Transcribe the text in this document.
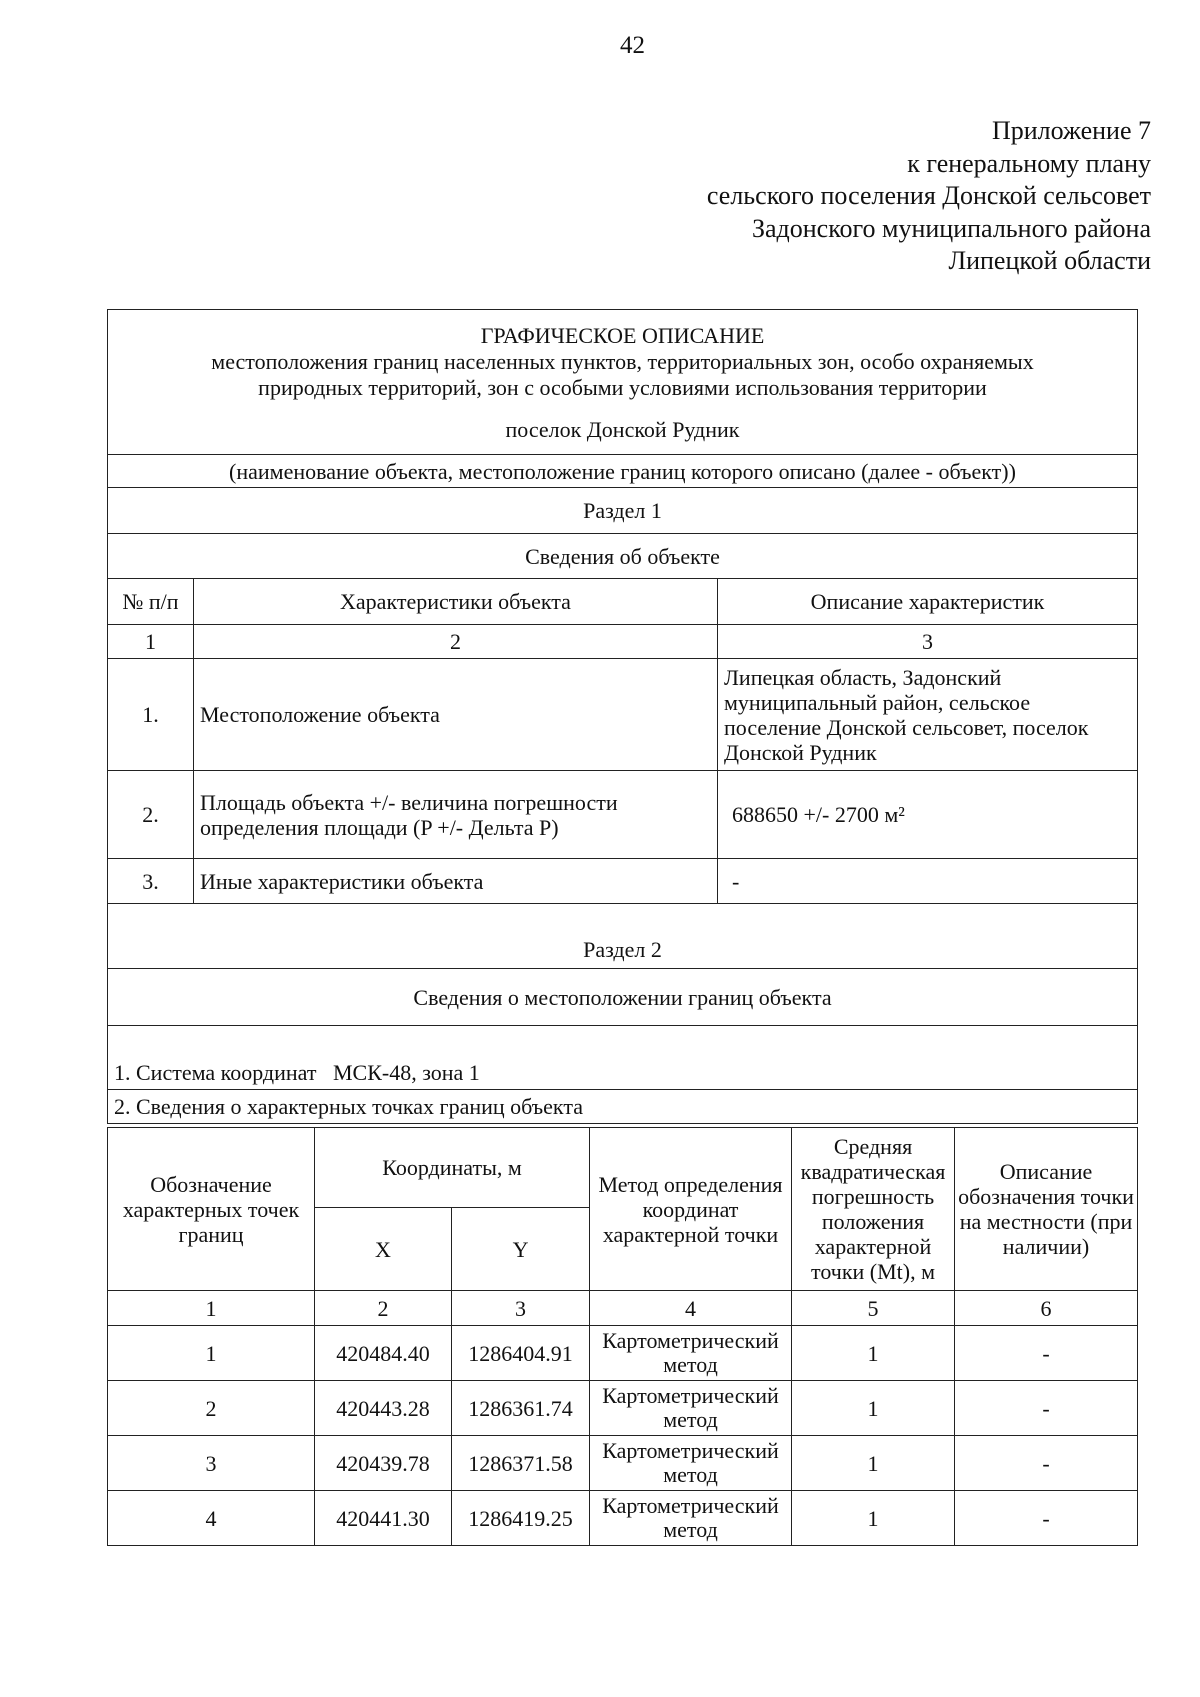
42
Приложение 7
к генеральному плану
сельского поселения Донской сельсовет
Задонского муниципального района
Липецкой области
ГРАФИЧЕСКОЕ ОПИСАНИЕ
местоположения границ населенных пунктов, территориальных зон, особо охраняемых
природных территорий, зон с особыми условиями использования территории
поселок Донской Рудник		

(наименование объекта, местоположение границ которого описано (далее - объект))		
Раздел 1		
Сведения об объекте		
№ п/п	Характеристики объекта	Описание характеристик
1	2	3
1.	Местоположение объекта	Липецкая область, Задонский муниципальный район, сельское поселение Донской сельсовет, поселок Донской Рудник
2.	Площадь объекта +/- величина погрешности определения площади (P +/- Дельта P)	688650 +/- 2700 м²
3.	Иные характеристики объекта	-
Раздел 2		
Сведения о местоположении границ объекта		
1. Система координат   МСК-48, зона 1		
2. Сведения о характерных точках границ объекта		
Обозначение характерных точек границ	Координаты, м		Метод определения координат характерной точки	Средняя квадратическая погрешность положения характерной точки (Mt), м	Описание обозначения точки на местности (при наличии)
	X	Y			
1	2	3	4	5	6
1	420484.40	1286404.91	Картометрический метод	1	-
2	420443.28	1286361.74	Картометрический метод	1	-
3	420439.78	1286371.58	Картометрический метод	1	-
4	420441.30	1286419.25	Картометрический метод	1	-
